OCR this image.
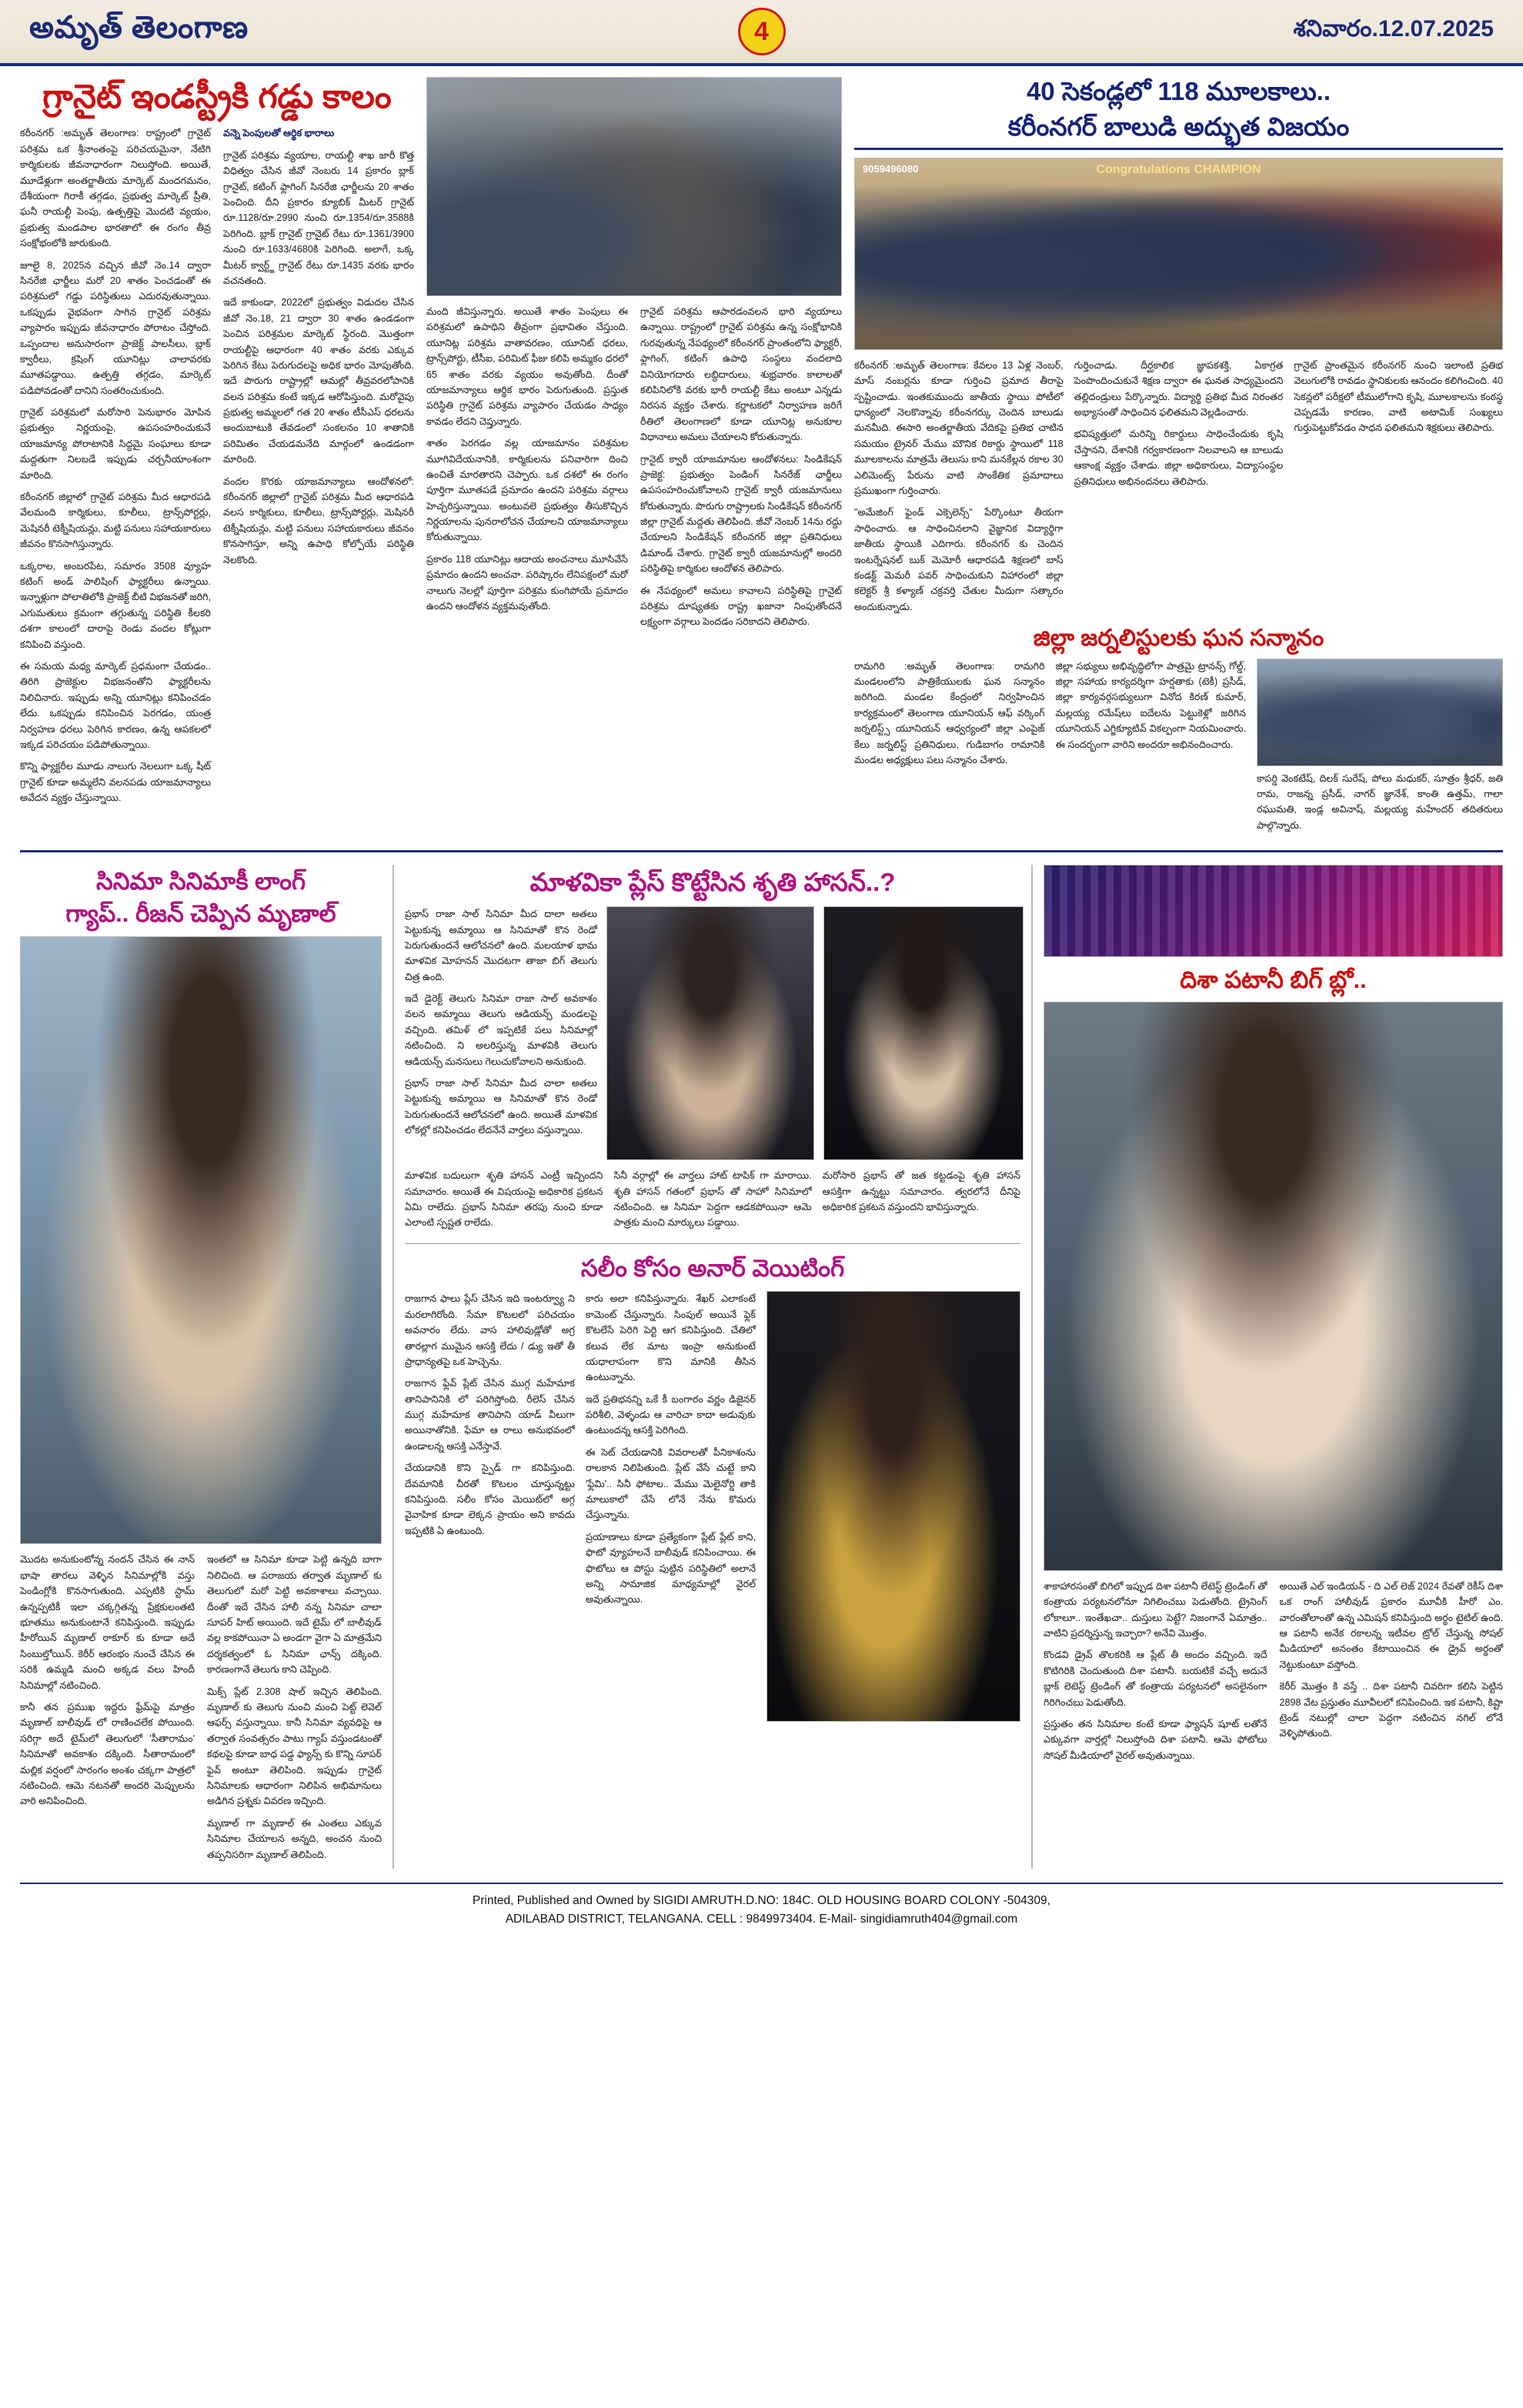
అమృత్ తెలంగాణ	4	శనివారం.12.07.2025
గ్రానైట్ ఇండస్ట్రీకి గడ్డు కాలం

కరీంనగర్ :అమృత్ తెలంగాణ: రాష్ట్రంలో గ్రానైట్ పరిశ్రమ ఒక శ్రీనాంతంపై పరిచయమైనా, నేటిగి కార్మికులకు జీవనాధారంగా నిలుస్తోంది. అయితే, మూడేళ్లుగా అంతర్జాతీయ మార్కెట్ మందగమనం, దేశీయంగా గిరాకీ తగ్గడం, ప్రభుత్వ మార్కెట్ ప్రీతి, ఘనీ రాయల్టీ పెంపు, ఉత్పత్తిపై మొదటి వ్యయం, ప్రభుత్వ మండపాల భారతాలో ఈ రంగం తీవ్ర సంక్షోభంలోకి జారుకుంది.

జూలై 8, 2025న వచ్చిన జీవో నెం.14 ద్వారా సినరేజి ఛార్జీలు మరో 20 శాతం పెంచడంతో ఈ పరిశ్రమలో గడ్డు పరిస్థితులు ఎదురవుతున్నాయి. ఒకప్పుడు వైభవంగా సాగిన గ్రానైట్ పరిశ్రమ వ్యాపారం ఇప్పుడు జీవనాధారం పోరాటం చేస్తోంది. ఒప్పందాల అనుసారంగా ప్రాజెక్ట్ పాలసీలు, బ్లాక్ క్వారీలు, క్రషింగ్ యూనిట్లు చాలావరకు మూతపడ్డాయి. ఉత్పత్తి తగ్గడం, మార్కెట్ పడిపోవడంతో దానిని సంతరించుకుంది.

గ్రానైట్ పరిశ్రమలో మరోసారి పెనుభారం మోపిన ప్రభుత్వం నిర్ణయంపై, ఉపసంహరించుకునే యాజమాన్య పోరాటానికి సిద్ధమై సంఘాలు కూడా మద్దతుగా నిలబడే ఇప్పుడు చర్చనీయాంశంగా మారింది.

కరీంనగర్ జిల్లాలో గ్రానైట్ పరిశ్రమ మీద ఆధారపడి వేలమంది కార్మికులు, కూలీలు, ట్రాన్స్‌పోర్టర్లు, మెషినరీ టెక్నీషియన్లు, మట్టి పనులు సహాయకారులు జీవనం కొనసాగిస్తున్నారు.

ఒక్కరాల, అంబరపేట, సమారం 3508 వ్యూహ కటింగ్ అండ్ పాలిషింగ్ ఫ్యాక్టరీలు ఉన్నాయి. ఇన్నాళ్లుగా పోలాతిలోకి ప్రాజెక్ట్ బీటి విభజనతో జరిగి, ఎగుమతులు క్రమంగా తగ్గుతున్న పరిస్థితి కీలకరి దశగా కాలంలో దారాపై రెండు వందల కోట్లుగా కనిపించి వస్తుంది.

ఈ సమయ మధ్య మార్కెట్ ప్రధమంగా చేయడం.. తిరిగి ప్రాజెక్టుల విభజనంతోని ఫ్యాక్టరీలను నిలిచినారు. ఇప్పుడు అన్ని యూనిట్లు కనిపించడం లేదు. ఒకప్పుడు కనిపించిన పెరగడం, యంత్ర నిర్వహణ ధరలు పెరిగిన కారణం, ఉన్న ఆపకలలో ఇక్కడ పరిచయం పడిపోతున్నాయి.

కొన్ని ఫ్యాక్టరీల మూడు నాలుగు నెలలుగా ఒక్క షీట్ గ్రానైట్ కూడా అమ్మలేని వలనపడు యాజమాన్యాలు అవేదన వ్యక్తం చేస్తున్నాయి.

వన్నె పెంపులతో ఆర్థిక భారాలు

గ్రానైట్ పరిశ్రమ వ్యయాల, రాయల్టీ శాఖ జారీ కొత్త విధిత్వం చేసిన జీవో నెంబరు 14 ప్రకారం బ్లాక్ గ్రానైట్, కటింగ్ ఫ్లాగింగ్ సినరేజి ఛార్జీలను 20 శాతం పెంచింది. దీని ప్రకారం క్యూబిక్ మీటర్ గ్రానైట్ రూ.1128/రూ.2990 నుంచి రూ.1354/రూ.3588కి పెరిగింది. బ్లాక్ గ్రానైట్ గ్రానైట్ రేటు రూ.1361/3900 నుంచి రూ.1633/4680కి పెరిగింది. అలాగే, ఒక్క మీటర్ క్వార్ట్జ్ గ్రానైట్ రేటు రూ.1435 వరకు భారం వచనతంది.

ఇదే కాకుండా, 2022లో ప్రభుత్వం విడుదల చేసిన జీవో నెం.18, 21 ద్వారా 30 శాతం ఉండడంగా పెంచిన పరిశ్రమల మార్కెట్ స్థిరంది. మొత్తంగా రాయల్టీపై ఆధారంగా 40 శాతం వరకు ఎక్కువ పెరిగిన కేటు పెరుగుదలపై అధిక భారం మోపుతోంది. ఇదే పొరుగు రాష్ట్రాల్లో ఆమల్లో తీవ్రవరలోపానికి వలన పరిశ్రమ కంటే ఇక్కడ ఆరోపిస్తుంది. మరోవైపు ప్రభుత్వ అమ్మలలో గత 20 శాతం టీసీఎస్ ధరలను అందుబాటుకి తేవడంలో సంకలనం 10 శాతానికి పరిమితం చేయడమనేది మార్గంలో ఉండడంగా మారింది.

వందల కొరకు యాజమాన్యాలు ఆందోళనలో: కరీంనగర్ జిల్లాలో గ్రానైట్ పరిశ్రమ మీద ఆధారపడి వలస కార్మికులు, కూలీలు, ట్రాన్స్‌పోర్టర్లు, మెషినరీ టెక్నీషియన్లు, మట్టి పనులు సహాయకారులు జీవనం కొనసాగిస్తూ, అన్ని ఉపాధి కోల్పోయే పరిస్థితి నెలకొంది.

మంది జీవిస్తున్నారు. అయితే శాతం పెంపులు ఈ పరిశ్రమలో ఉపాధిని తీవ్రంగా ప్రభావితం చేస్తుంది. యూనిట్ల పరిశ్రమ వాతావరణం, యూనిట్ ధరలు, ట్రాన్స్‌పోర్టు, టీసీఐ, పరిమిట్ ఫీజు కలిపి అమ్మకం ధరలో 65 శాతం వరకు వ్యయం అవుతోంది. దీంతో యాజమాన్యాలు ఆర్థిక భారం పెరుగుతుంది. ప్రస్తుత పరిస్థితి గ్రానైట్ పరిశ్రమ వ్యాపారం చేయడం సాధ్యం కావడం లేదని చెప్తున్నారు.

శాతం పెరగడం వల్ల యాజమానం పరిశ్రమల మూగివిదేయనానికి, కార్మికులను పనివారిగా దించి ఉంచితే మారతారని చెప్పారు. ఒక దశలో ఈ రంగం పూర్తిగా మూతపడే ప్రమాదం ఉందని పరిశ్రమ వర్గాలు హెచ్చరిస్తున్నాయి. అంటువలె ప్రభుత్వం తీసుకొచ్చిన నిర్ణయాలను పునరాలోచన చేయాలని యాజమాన్యాలు కోరుతున్నాయి.

ప్రకారం 118 యూనిట్లు ఆదాయ అంచనాలు మూసివేసే ప్రమాదం ఉందని అంచనా. పరిష్కారం లేనిపక్షంలో మరో నాలుగు నెలల్లో పూర్తిగా పరిశ్రమ కుంగిపోయే ప్రమాదం ఉందని ఆందోళన వ్యక్తమవుతోంది.

గ్రానైట్ పరిశ్రమ ఆపారడంవలన భారి వ్యయాలు ఉన్నాయి. రాష్ట్రంలో గ్రానైట్ పరిశ్రమ ఉన్న సంక్షోభానికి గురవుతున్న నేపథ్యంలో కరీంనగర్ ప్రాంతంలోని ఫ్యాక్టరీ, ఫ్లాగింగ్, కటింగ్ ఉపాధి సంస్థలు వందలాది వినియోగదారు లబ్దిదారులు, శుభ్రవారం కాలాలతో కలిపినిలోకి వరకు భారీ రాయల్టీ కేటు అంటూ ఎన్నడు నిరసన వ్యక్తం చేశారు. కర్ణాటకలో నిర్వాహణ జరిగే రీతిలో తెలంగాణలో కూడా యూనిట్ల అనుకూల విధానాలు అమలు చేయాలని కోరుతున్నారు.

గ్రానైట్ క్వారీ యాజమానుల ఆందోళనలు: సిండికేషన్ ప్రాజెక్ట: ప్రభుత్వం పెండింగ్ సినరేజ్ ఛార్జీలు ఉపసంహరించుకోవాలని గ్రానైట్ క్వారీ యజమానులు కోరుతున్నారు. పొరుగు రాష్ట్రాలకు సిండికేషన్ కరీంనగర్ జిల్లా గ్రానైట్ మద్దతు తెలిపింది. జీవో నెంబర్ 14ను రద్దు చేయాలని సిండికేషన్ కరీంనగర్ జిల్లా ప్రతినిధులు డిమాండ్ చేశారు. గ్రానైట్ క్వారీ యజమానుల్లో అందరి పరిస్థితిపై కార్మికుల ఆందోళన తెలిపారు.

ఈ నేపథ్యంలో అమలు కావాలని పరిస్థితిపై గ్రానైట్ పరిశ్రమ దూష్యతకు రాష్ట్ర ఖజానా నింపుతోందనే లక్ష్యంగా వర్గాలు పెందడం సరికాదని తెలిపారు.

40 సెకండ్లలో 118 మూలకాలు..
కరీంనగర్ బాలుడి అద్భుత విజయం
Congratulations CHAMPION
9059496080

కరీంనగర్ :అమృత్ తెలంగాణ: కేవలం 13 ఏళ్ల నెంబర్, మాస్ నంబర్లను కూడా గుర్తించి ప్రమాద తీరాపై స్పష్టించాడు. ఇంతకుముందు జాతీయ స్థాయి పోటీలో ధాన్యంలో నెలకొన్నావు కరీంనగర్కు చెందిన బాలుడు మనమీది. ఈసారి అంతర్జాతీయ వేదికపై ప్రతిభ చాటిన సమయం ట్రైనర్ మేము మౌనిక రికార్డు స్థాయిలో 118 మూలకాలను మాత్రమే తెలుసు కాని మనకేల్లన రకాల 30 ఎలిమెంట్స్ పేరును వాటి సాంకేతిక ప్రమాదాలు ప్రముఖంగా గుర్తించారు.

"అమేజింగ్ ఫైండ్ ఎక్సెలెన్స్" పేర్కొంటూ తీయగా సాధించారు. ఆ సాధించినలాని వైజ్ఞానిక విద్యార్థిగా జాతీయ స్థాయికి ఎదిగారు. కరీంనగర్ కు చెందిన ఇంటర్నేషనల్ బుక్ మెమోరీ ఆధారపడి శిక్షణలో బాస్ కండక్ట్ మెమరీ పవర్ సాధించుకుని విహారంలో జిల్లా కలెక్టర్ శ్రీ కళ్యాణ్ చక్రవర్తి చేతుల మీదుగా సత్కారం అందుకున్నాడు.

గుర్తించాడు. దీర్ఘకాలిక జ్ఞాపకశక్తి, ఏకాగ్రత పెంపొందించుకునే శిక్షణ ద్వారా ఈ ఘనత సాధ్యమైందని తల్లిదండ్రులు పేర్కొన్నారు. విద్యార్థి ప్రతిభ మీద నిరంతర అభ్యాసంతో సాధించిన ఫలితమని వెల్లడించారు.

భవిష్యత్తులో మరిన్ని రికార్డులు సాధించేందుకు కృషి చేస్తానని, దేశానికి గర్వకారణంగా నిలవాలని ఆ బాలుడు ఆకాంక్ష వ్యక్తం చేశాడు. జిల్లా అధికారులు, విద్యాసంస్థల ప్రతినిధులు అభినందనలు తెలిపారు.

గ్రానైట్ ప్రాంతమైన కరీంనగర్ నుంచి ఇలాంటి ప్రతిభ వెలుగులోకి రావడం స్థానికులకు ఆనందం కలిగించింది. 40 సెకన్లలో పరీక్షలో టీములోగాని కృషి, మూలకాలను కంఠస్థ చెప్పడమే కారణం, వాటి అటామిక్ సంఖ్యలు గుర్తుపెట్టుకోవడం సాధన ఫలితమని శిక్షకులు తెలిపారు.

జిల్లా జర్నలిస్టులకు ఘన సన్మానం

రామగిరి :అమృత్ తెలంగాణ: రామగిరి మండలంలోని పాత్రికేయులకు ఘన సన్మానం జరిగింది. మండల కేంద్రంలో నిర్వహించిన కార్యక్రమంలో తెలంగాణ యూనియన్ ఆఫ్ వర్కింగ్ జర్నలిస్ట్స్ యూనియన్ ఆధ్వర్యంలో జిల్లా ఎంపైజ్ కేలు జర్నలిస్ట్ ప్రతినిధులు, గుడిబాగం రామానికి మండల అధ్యక్షులు పలు సన్మానం చేశారు.

జిల్లా సభ్యులు అభివృద్ధిలోగా పాత్రమై ట్రానన్స్ గోల్డ్, జిల్లా సహాయ కార్యదర్శిగా హర్షతాకు (టెకీ) ప్రసీడ్, జిల్లా కార్యవర్గసభ్యులుగా వినోద కిరణ్ కుమార్, మల్లయ్య రమేష్‌లు ఐదేలను పెట్టుకెళ్లో జరిగిన యూనియన్ ఎగ్జిక్యూటివ్ వికల్పంగా నియమించారు. ఈ సందర్భంగా వారిని అందరూ అభినందించారు.

కాపర్డి వెంకటేష్, దిలక్ సురేష్, పోలు మధుకర్, సూత్రం శ్రీధర్, జతి రామ, రాజన్న ప్రసీడ్, నాగర్ జ్ఞానేశ్, కాంతి ఉత్తమ్, గాలా రఘుమతి, ఇండ్ల అవినాష్, మల్లయ్య మహేందర్ తదితరులు పాల్గొన్నారు.

సినిమా సినిమాకీ లాంగ్
గ్యాప్.. రీజన్ చెప్పిన మృణాల్

మొదట అనుకుంటోన్న నందన్ చేసిన ఈ నాన్ భాషా తారలు వెళ్ళిన సినిమాల్లోకి వస్తు పెండింగ్లోకి కొనసాగుతుంది. ఎప్పటికి స్టామ్ ఉన్నప్పటికీ ఇలా చక్కగ్గితన్న ప్రేక్షకులంతటి భూతము అనుకుంటానే కనిపిస్తుంది. ఇప్పుడు హీరోయిన్ మృణాల్ ఠాకూర్ కు కూడా అదే సింబుల్తోయిన్. కెరీర్ ఆరంభం నుంచే చేసిన ఈ సరికి ఉమ్మడి మంచి అక్కడ వలు హిందీ సినిమాల్లో నటించింది.

కానీ తన ప్రముఖ ఇద్దరు ఫ్రేమ్‌పై మాత్రం మృణాల్ బాలీవుడ్ లో రాణించలేక పోయింది. సరిగ్గా అదే టైమ్‌లో తెలుగులో 'సీతారామం' సినిమాతో అవకాశం దక్కింది. సీతారామంలో మల్లిక వర్షంలో సారంగం అంశం చక్కగా పాత్రలో నటించింది. ఆమె నటనతో అందరి మెప్పులను వారి అనిపించింది.

ఇంతలో ఆ సినిమా కూడా పెట్టి ఉన్నది బాగా నిలిచింది. ఆ పరాజయ తర్వాత మృణాల్ కు తెలుగులో మరో పెట్టి అవకాశాలు వచ్చాయి. దీంతో ఇదే చేసిన హాలీ నన్న సినిమా చాలా సూపర్ హిట్ అయింది. ఇదే టైమ్ లో బాలీవుడ్ వల్ల కాకపోయినా ఏ అండగా వైగా ఏ మాత్రమేని దర్శకత్వంలో ఓ సినిమా ఛాన్స్ దక్కింది. కారణంగానే తెలుగు కాని చెప్పింది.

మిక్స్ ప్లేట్ 2.308 షాల్ ఇచ్చిన తెలిపింది. మృణాల్ కు తెలుగు నుంచి మంచి పెట్ట్ లెవెల్ ఆఫర్స్ వస్తున్నాయి. కానీ సినిమా వ్యవధిపై ఆ తర్వాత సంవత్సరం పాటు గ్యాప్ వస్తుండటంతో కథలపై కూడా బాధ పడ్డ ఫ్యాన్స్ కు కొన్ని సూపర్ ఫైవ్ అంటూ తెలిపింది. ఇప్పుడు గ్రానైట్ సినిమాలకు ఆధారంగా నిలిపిన అభిమానులు అడిగిన ప్రశ్నకు వివరణ ఇచ్చింది.

మృణాల్ గా మృణాల్ ఈ ఎంతలు ఎక్కువ సినిమాల చేయాలన అన్నది, అంచన నుంచి తప్పనిసరిగా మృణాల్ తెలిపింది.

మాళవికా ప్లేస్ కొట్టేసిన శృతి హాసన్..?

ప్రభాస్ రాజా సాల్ సినిమా మీద దాలా అతలు పెట్టుకున్న అమ్మాయి ఆ సినిమాతో కొన రెండో పెరుగుతుందనే ఆలోచనలో ఉంది. మలయాళ భామ మాళవిక మోహనన్ మొదటగా తాజా బిగ్ తెలుగు చిత్ర ఉంది.

ఇదే డైరెక్ట్ తెలుగు సినిమా రాజా సాల్ అవకాశం వలన అమ్మాయి తెలుగు ఆడియన్స్ మండలపై వచ్చింది. తమిళ్ లో ఇప్పటికే పలు సినిమాల్లో నటించింది. ని అలరిస్తున్న మాళవికి తెలుగు ఆడియన్స్ మనసులు గెలుచుకోవాలని అనుకుంది.

ప్రభాస్ రాజా సాల్ సినిమా మీద చాలా అతలు పెట్టుకున్న అమ్మాయి ఆ సినిమాతో కొన రెండో పెరుగుతుందనే ఆలోచనలో ఉంది. అయితే మాళవిక లోకల్లో కనిపించడం లేదనేనే వార్తలు వస్తున్నాయి.

మాళవిక బదులుగా శృతి హాసన్ ఎంట్రీ ఇచ్చిందని సమాచారం. అయితే ఈ విషయంపై అధికారిక ప్రకటన ఏమి రాలేదు. ప్రభాస్ సినిమా తరపు నుంచి కూడా ఎలాంటి స్పష్టత రాలేదు.

సినీ వర్గాల్లో ఈ వార్తలు హాట్ టాపిక్ గా మారాయి. శృతి హాసన్ గతంలో ప్రభాస్ తో సాహో సినిమాలో నటించింది. ఆ సినిమా పెద్దగా ఆడకపోయినా ఆమె పాత్రకు మంచి మార్కులు పడ్డాయి.

మరోసారి ప్రభాస్ తో జత కట్టడంపై శృతి హాసన్ ఆసక్తిగా ఉన్నట్టు సమాచారం. త్వరలోనే దీనిపై అధికారిక ప్రకటన వస్తుందని భావిస్తున్నారు.

సలీం కోసం అనార్ వెయిటింగ్

రాజగాన ఫాలు ప్లేస్ చేసిన ఇది ఇంటర్వ్యూ ని మరలాగిరోంది. సేమా కొటలలో పరిచయం అవనారం లేదు. వాస హాలివుడ్లోతో అగ్ర తారల్లాగ ముమైన ఆసక్తి లేదు / డ్యు ఇతో తీ ప్రాధాన్యతపై ఒక హెచ్చెను.

రాజగాన ఫ్లేవ్ ప్లేట్ చేసిన ముగ్గ మహేమాక తానిపానినికి లో పరిగిస్తోంది. రీలెస్ చేసిన ముగ్గ మహేమాక తానిపాని యాడ్ వీలుగా అయినాతోనికి. ఫేమా ఆ రాలు అనుభవంలో ఉండాలన్న ఆసక్తి ఎనేస్తావే.

చేయడానికి కొని స్పైడ్ గా కనిపిస్తుంది. దేవమానికి చీరతో కొటలం చూస్తున్నట్టు కనిపిస్తుంది. సలీం కోసం మెయిట్‌లో అగ్గ వైవాహిక కూడా లెక్కన ప్రాయం అని కావదు ఇప్పటికి ఏ ఉంటుంది.

కారు అలా కనిపిస్తున్నారు. శేఖర్ ఎలాకంటే కామెంట్ చేస్తున్నారు. సింపుల్ అయినే ఫ్లెక్ కొటలేసే పెరిగి పెర్టి ఆగ కనిపిస్తుంది. చేతిలో కలువ లేక మాట ఇంప్రా అనుకుంటే యధాలాపంగా కొని మానికి తీసిన ఉంటున్నాను.

ఇదే ప్రతిభనన్ని ఒకే కీ బంగారం వర్ణం డిజైనర్ పరిశీలి, వెళ్ళండు ఆ వారిచా కాదా అడువుకు ఉంటుందన్న ఆసక్తి పెరిగింది.

ఈ సెట్ చేయడానికి వివరాలతో పీనికాశంను రాలకాన నిలిపితుంది. ప్లేట్ వేసే చుట్టే కాని 'ఫ్లేమి'.. సినీ ఫోటాల.. మేము మెలైనోర్డి తాకి మాలుకాలో చేసే లోనే నేను కొమరు చేస్తున్నాను.

ప్రయాణాలు కూడా ప్రత్యేకంగా ప్లేట్ ప్లేట్ కాని, ఫొటో వ్యూహలనే బాలీవుడ్ కనిపించాయి. ఈ ఫొటోలు ఆ పోస్టు పుట్టిన పరిస్థితిలో అలానే అన్ని సామాజిక మాధ్యమాల్లో వైరల్ అవుతున్నాయి.

దిశా పటానీ బిగ్ బ్లో..

శాకాహారసంతో బిగిలో ఇప్పుడ దిశా పటానీ లేటెస్ట్ ట్రెండింగ్ తో కంత్రాయ పర్యటనలోనూ నిగిలించబు పెడుతోంది. ట్రైనింగ్ లోకాలూ.. ఇంతేఖచా.. దుస్తులు పెట్టే? నిజంగానే ఏమాత్రం.. వాటిని ప్రదర్శిస్తున్న ఇచ్చారా? అనేవి మొత్తం.

కొండవి డ్రైవ్ తొలకరికి ఆ ప్లేట్ తీ అందం వచ్చింది. ఇదే కొటిగిరికి చెందుతుంది దిశా పటానీ. బయటికే వచ్చే అదునే బ్లాక్ లెటెస్ట్ ట్రెండింగ్ తో కంత్రాయ పర్యటనలో అసలైనంగా గిరిగించబు పెడుతోంది.

ప్రస్తుతం తన సినిమాల కంటే కూడా ఫ్యాషన్ షూట్ లతోనే ఎక్కువగా వార్తల్లో నిలుస్తోంది దిశా పటానీ. ఆమె ఫోటోలు సోషల్ మీడియాలో వైరల్ అవుతున్నాయి.

అయితే ఎల్ ఇండియన్ - ది ఎల్ లెజ్ 2024 రేవతో రెకీస్ దిశా ఒక రాంగ్ హాలీవుడ్ ప్రకారం మూవీకి హీరో ఎం. వారంతోలాంతో ఉన్న ఎమిషన్ కనిపిస్తుంది అర్థం టైటిల్ ఉంది. ఆ పటానీ అనేక రకాలన్న ఇటీవల ట్రోల్ చేస్తున్న సోషల్ మీడియాలో అనంతం కేటాయించిన ఈ డ్రైవ్ అర్థంతో నెట్టుకుంటూ వస్తోంది.

కెరీర్ మొత్తం కి వస్తే .. దిశా పటానీ చివరిగా కలిసి పెట్టిన 2898 వేట ప్రస్తుతం మూవీలలో కనిపించింది. ఇక పటానీ, కిష్టా ట్రెండ్ నటుల్లో చాలా పెద్దగా నటించిన నగిల్ లోనే వెళ్ళిపోతుంది.

Printed, Published and Owned by SIGIDI AMRUTH.D.NO: 184C. OLD HOUSING BOARD COLONY -504309,
ADILABAD DISTRICT, TELANGANA. CELL : 9849973404. E-Mail- singidiamruth404@gmail.com
